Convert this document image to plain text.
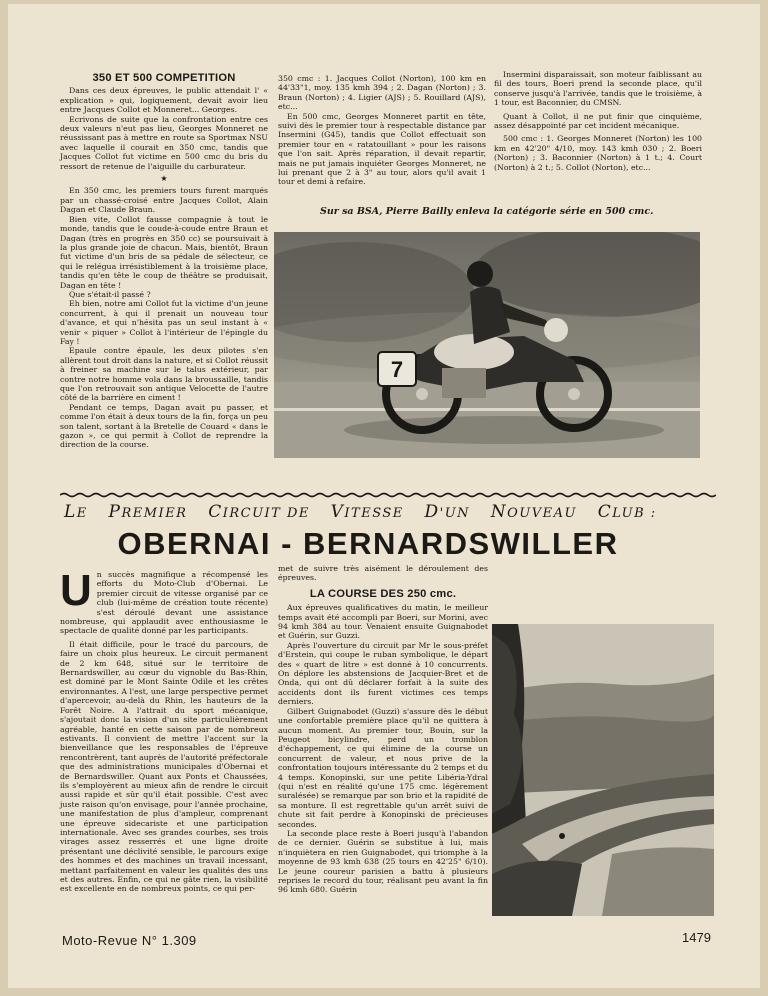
350 ET 500 COMPETITION

Dans ces deux épreuves, le public attendait l' « explication » qui, logiquement, devait avoir lieu entre Jacques Collot et Monneret... Georges.

Ecrivons de suite que la confrontation entre ces deux valeurs n'eut pas lieu, Georges Monneret ne réussissant pas à mettre en route sa Sportmax NSU avec laquelle il courait en 350 cmc, tandis que Jacques Collot fut victime en 500 cmc du bris du ressort de retenue de l'aiguille du carburateur.

★

En 350 cmc, les premiers tours furent marqués par un chassé-croisé entre Jacques Collot, Alain Dagan et Claude Braun.

Bien vite, Collot fausse compagnie à tout le monde, tandis que le coude-à-coude entre Braun et Dagan (très en progrès en 350 cc) se poursuivait à la plus grande joie de chacun. Mais, bientôt, Braun fut victime d'un bris de sa pédale de sélecteur, ce qui le relégua irrésistiblement à la troisième place, tandis qu'en tête le coup de théâtre se produisait, Dagan en tête !

Que s'était-il passé ?

Eh bien, notre ami Collot fut la victime d'un jeune concurrent, à qui il prenait un nouveau tour d'avance, et qui n'hésita pas un seul instant à « venir « piquer » Collot à l'intérieur de l'épingle du Fay !

Epaule contre épaule, les deux pilotes s'en allèrent tout droit dans la nature, et si Collot réussit à freiner sa machine sur le talus extérieur, par contre notre homme vola dans la broussaille, tandis que l'on retrouvait son antique Velocette de l'autre côté de la barrière en ciment !

Pendant ce temps, Dagan avait pu passer, et comme l'on était à deux tours de la fin, força un peu son talent, sortant à la Bretelle de Couard « dans le gazon », ce qui permit à Collot de reprendre la direction de la course.

350 cmc : 1. Jacques Collot (Norton), 100 km en 44'33"1, moy. 135 kmh 394 ; 2. Dagan (Norton) ; 3. Braun (Norton) ; 4. Ligier (AJS) ; 5. Rouillard (AJS), etc...

En 500 cmc, Georges Monneret partit en tête, suivi dès le premier tour à respectable distance par Insermini (G45), tandis que Collot effectuait son premier tour en « ratatouillant » pour les raisons que l'on sait. Après réparation, il devait repartir, mais ne put jamais inquiéter Georges Monneret, ne lui prenant que 2 à 3" au tour, alors qu'il avait 1 tour et demi à refaire.

Insermini disparaissait, son moteur faiblissant au fil des tours, Boeri prend la seconde place, qu'il conserve jusqu'à l'arrivée, tandis que le troisième, à 1 tour, est Baconnier, du CMSN.

Quant à Collot, il ne put finir que cinquième, assez désappointé par cet incident mécanique.

500 cmc : 1. Georges Monneret (Norton) les 100 km en 42'20" 4/10, moy. 143 kmh 030 ; 2. Boeri (Norton) ; 3. Baconnier (Norton) à 1 t.; 4. Court (Norton) à 2 t.; 5. Collot (Norton), etc...

Sur sa BSA, Pierre Bailly enleva la catégorie série en 500 cmc.
7
LE PREMIER CIRCUIT DE VITESSE D'UN NOUVEAU CLUB :
OBERNAI - BERNARDSWILLER

Un succès magnifique a récompensé les efforts du Moto-Club d'Obernai. Le premier circuit de vitesse organisé par ce club (lui-même de création toute récente) s'est déroulé devant une assistance nombreuse, qui applaudit avec enthousiasme le spectacle de qualité donné par les participants.

Il était difficile, pour le tracé du parcours, de faire un choix plus heureux. Le circuit permanent de 2 km 648, situé sur le territoire de Bernardswiller, au cœur du vignoble du Bas-Rhin, est dominé par le Mont Sainte Odile et les crêtes environnantes. A l'est, une large perspective permet d'apercevoir, au-delà du Rhin, les hauteurs de la Forêt Noire. A l'attrait du sport mécanique, s'ajoutait donc la vision d'un site particulièrement agréable, hanté en cette saison par de nombreux estivants. Il convient de mettre l'accent sur la bienveillance que les responsables de l'épreuve rencontrèrent, tant auprès de l'autorité préfectorale que des administrations municipales d'Obernai et de Bernardswiller. Quant aux Ponts et Chaussées, ils s'employèrent au mieux afin de rendre le circuit aussi rapide et sûr qu'il était possible. C'est avec juste raison qu'on envisage, pour l'année prochaine, une manifestation de plus d'ampleur, comprenant une épreuve sidecariste et une participation internationale. Avec ses grandes courbes, ses trois virages assez resserrés et une ligne droite présentant une déclivité sensible, le parcours exige des hommes et des machines un travail incessant, mettant parfaitement en valeur les qualités des uns et des autres. Enfin, ce qui ne gâte rien, la visibilité est excellente en de nombreux points, ce qui per-

met de suivre très aisément le déroulement des épreuves.

LA COURSE DES 250 cmc.

Aux épreuves qualificatives du matin, le meilleur temps avait été accompli par Boeri, sur Morini, avec 94 kmh 384 au tour. Venaient ensuite Guignabodet et Guérin, sur Guzzi.

Après l'ouverture du circuit par Mr le sous-préfet d'Erstein, qui coupe le ruban symbolique, le départ des « quart de litre » est donné à 10 concurrents. On déplore les abstensions de Jacquier-Bret et de Onda, qui ont dû déclarer forfait à la suite des accidents dont ils furent victimes ces temps derniers.

Gilbert Guignabodet (Guzzi) s'assure dès le début une confortable première place qu'il ne quittera à aucun moment. Au premier tour, Bouin, sur la Peugeot bicylindre, perd un tromblon d'échappement, ce qui élimine de la course un concurrent de valeur, et nous prive de la confrontation toujours intéressante du 2 temps et du 4 temps. Konopinski, sur une petite Libéria-Ydral (qui n'est en réalité qu'une 175 cmc. légèrement suralésée) se remarque par son brio et la rapidité de sa monture. Il est regrettable qu'un arrêt suivi de chute sit fait perdre à Konopinski de précieuses secondes.

La seconde place reste à Boeri jusqu'à l'abandon de ce dernier. Guérin se substitue à lui, mais n'inquiètera en rien Guignabodet, qui triomphe à la moyenne de 93 kmh 638 (25 tours en 42'25" 6/10). Le jeune coureur parisien a battu à plusieurs reprises le record du tour, réalisant peu avant la fin 96 kmh 680. Guérin

Moto-Revue N° 1.309	1479
